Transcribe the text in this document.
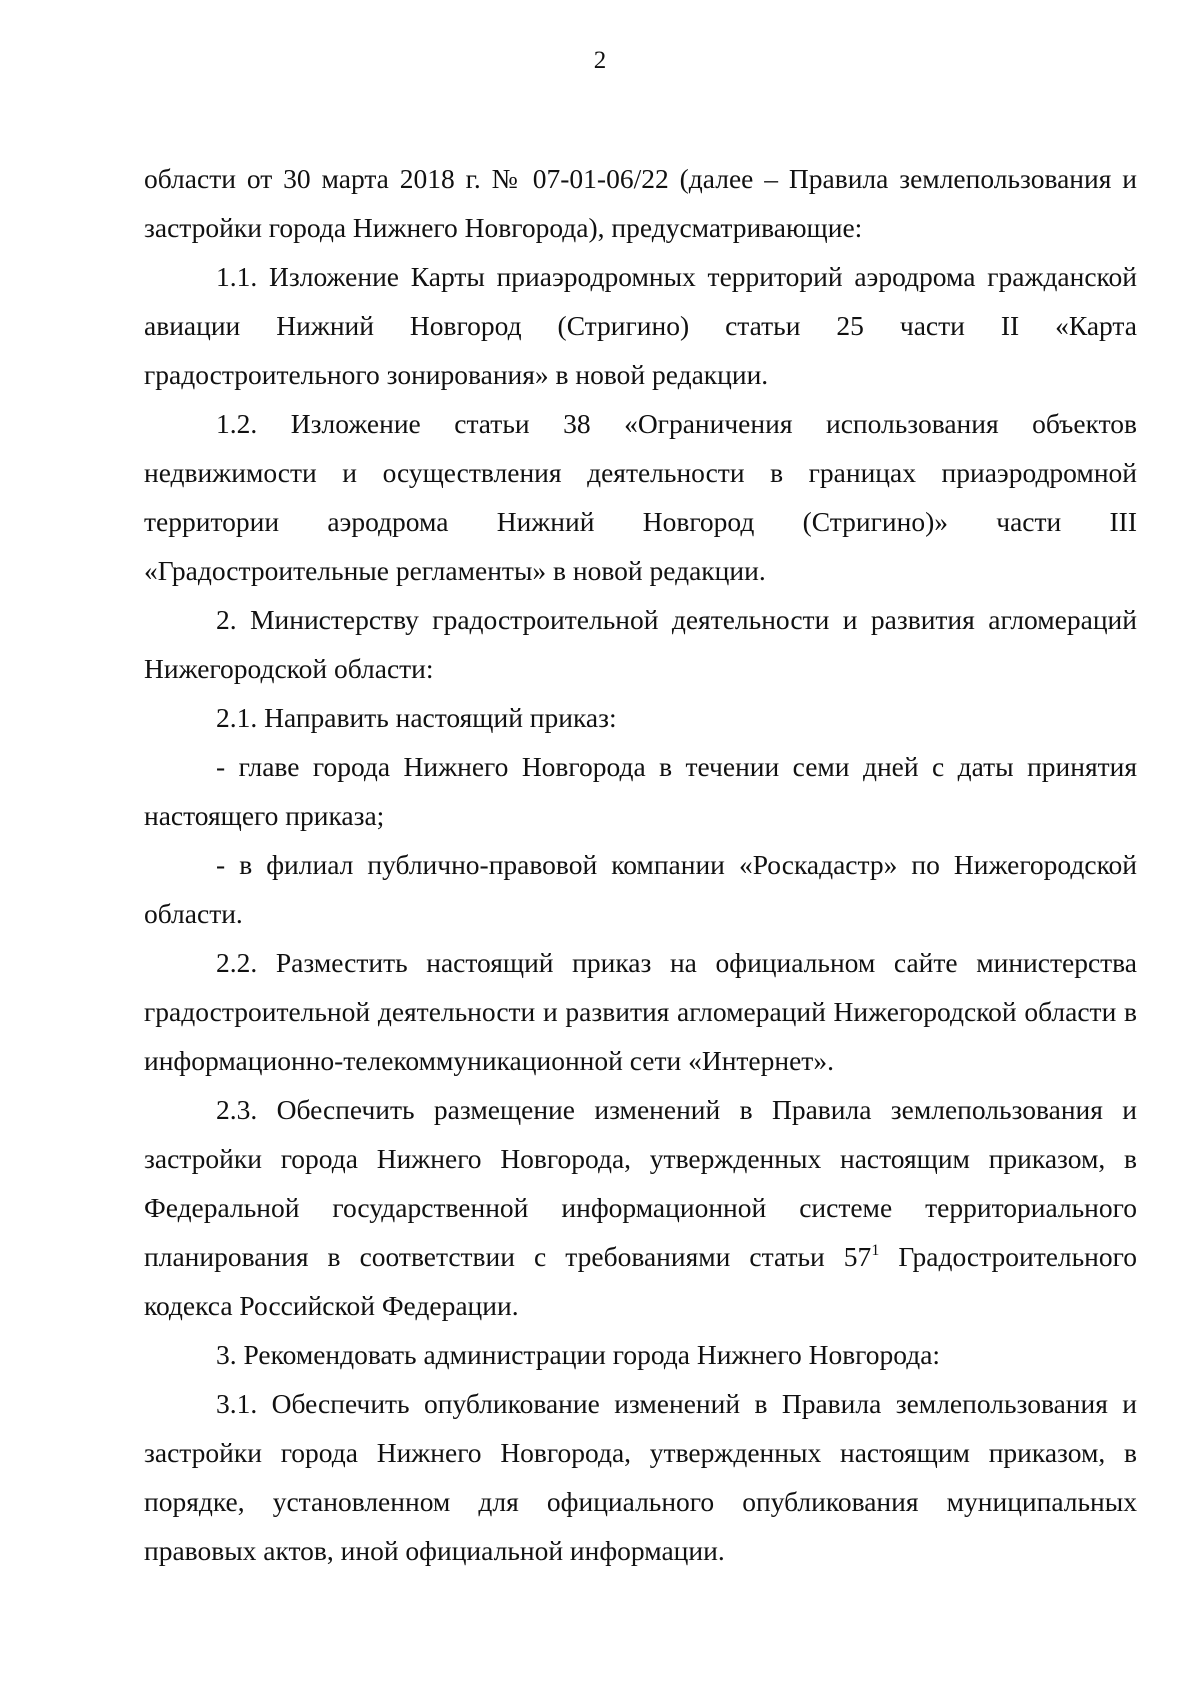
2

области от 30 марта 2018 г. № 07-01-06/22 (далее – Правила землепользования и застройки города Нижнего Новгорода), предусматривающие:

1.1. Изложение Карты приаэродромных территорий аэродрома гражданской авиации Нижний Новгород (Стригино) статьи 25 части II «Карта градостроительного зонирования» в новой редакции.

1.2. Изложение статьи 38 «Ограничения использования объектов недвижимости и осуществления деятельности в границах приаэродромной территории аэродрома Нижний Новгород (Стригино)» части III «Градостроительные регламенты» в новой редакции.

2. Министерству градостроительной деятельности и развития агломераций Нижегородской области:

2.1. Направить настоящий приказ:

- главе города Нижнего Новгорода в течении семи дней с даты принятия настоящего приказа;

- в филиал публично-правовой компании «Роскадастр» по Нижегородской области.

2.2. Разместить настоящий приказ на официальном сайте министерства градостроительной деятельности и развития агломераций Нижегородской области в информационно-телекоммуникационной сети «Интернет».

2.3. Обеспечить размещение изменений в Правила землепользования и застройки города Нижнего Новгорода, утвержденных настоящим приказом, в Федеральной государственной информационной системе территориального планирования в соответствии с требованиями статьи $57^1$ Градостроительного кодекса Российской Федерации.

3. Рекомендовать администрации города Нижнего Новгорода:

3.1. Обеспечить опубликование изменений в Правила землепользования и застройки города Нижнего Новгорода, утвержденных настоящим приказом, в порядке, установленном для официального опубликования муниципальных правовых актов, иной официальной информации.
